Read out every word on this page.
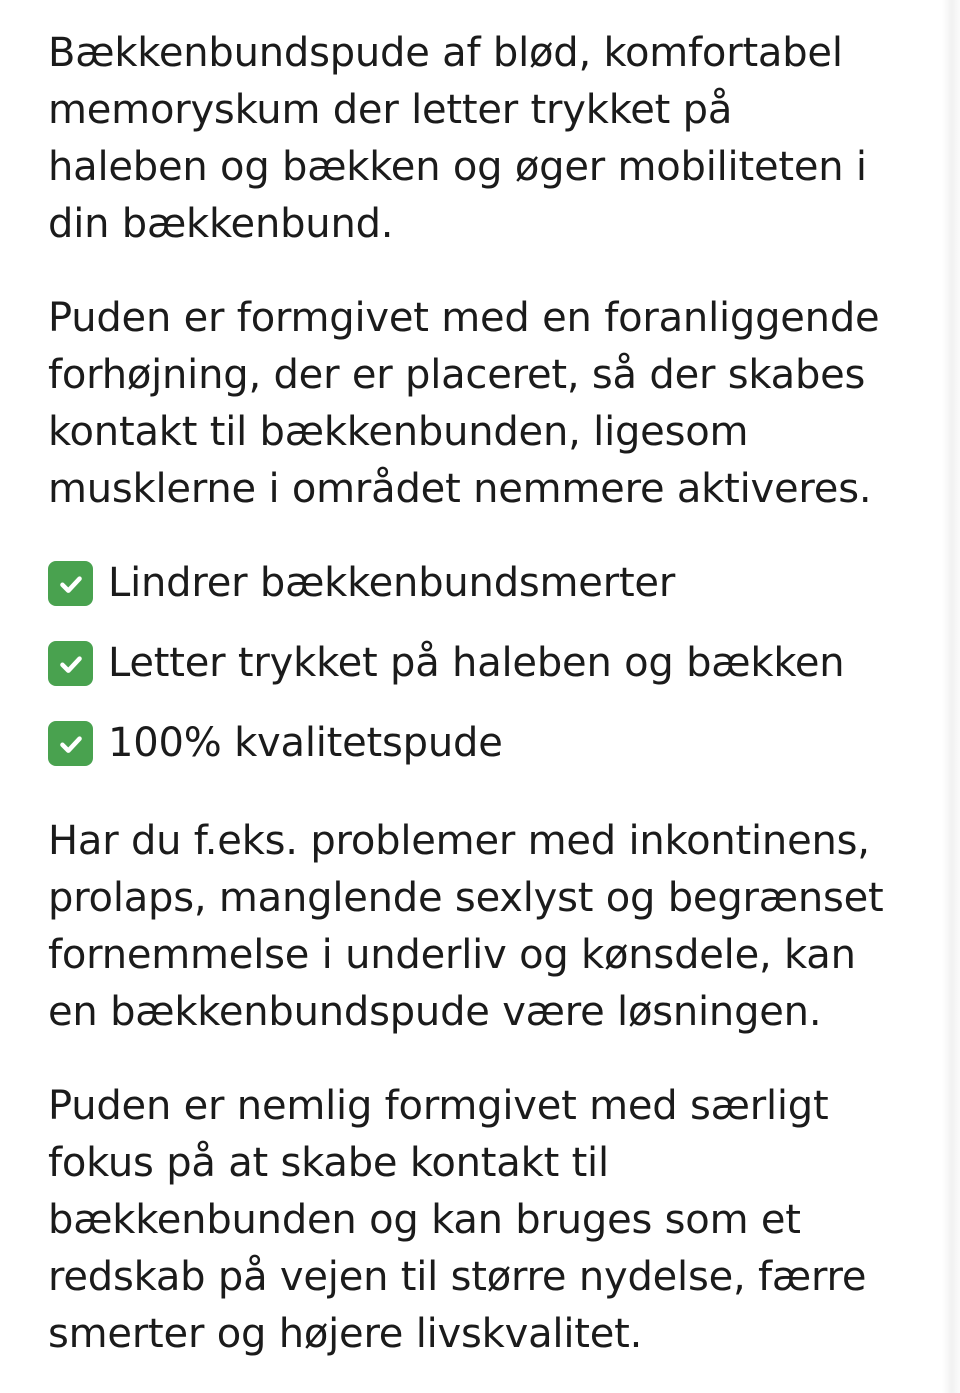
Bækkenbundspude af blød, komfortabel memoryskum der letter trykket på haleben og bækken og øger mobiliteten i din bækkenbund.

Puden er formgivet med en foranliggende forhøjning, der er placeret, så der skabes kontakt til bækkenbunden, ligesom musklerne i området nemmere aktiveres.

Lindrer bækkenbundsmerter
Letter trykket på haleben og bækken
100% kvalitetspude

Har du f.eks. problemer med inkontinens, prolaps, manglende sexlyst og begrænset fornemmelse i underliv og kønsdele, kan en bækkenbundspude være løsningen.

Puden er nemlig formgivet med særligt fokus på at skabe kontakt til bækkenbunden og kan bruges som et redskab på vejen til større nydelse, færre smerter og højere livskvalitet.
